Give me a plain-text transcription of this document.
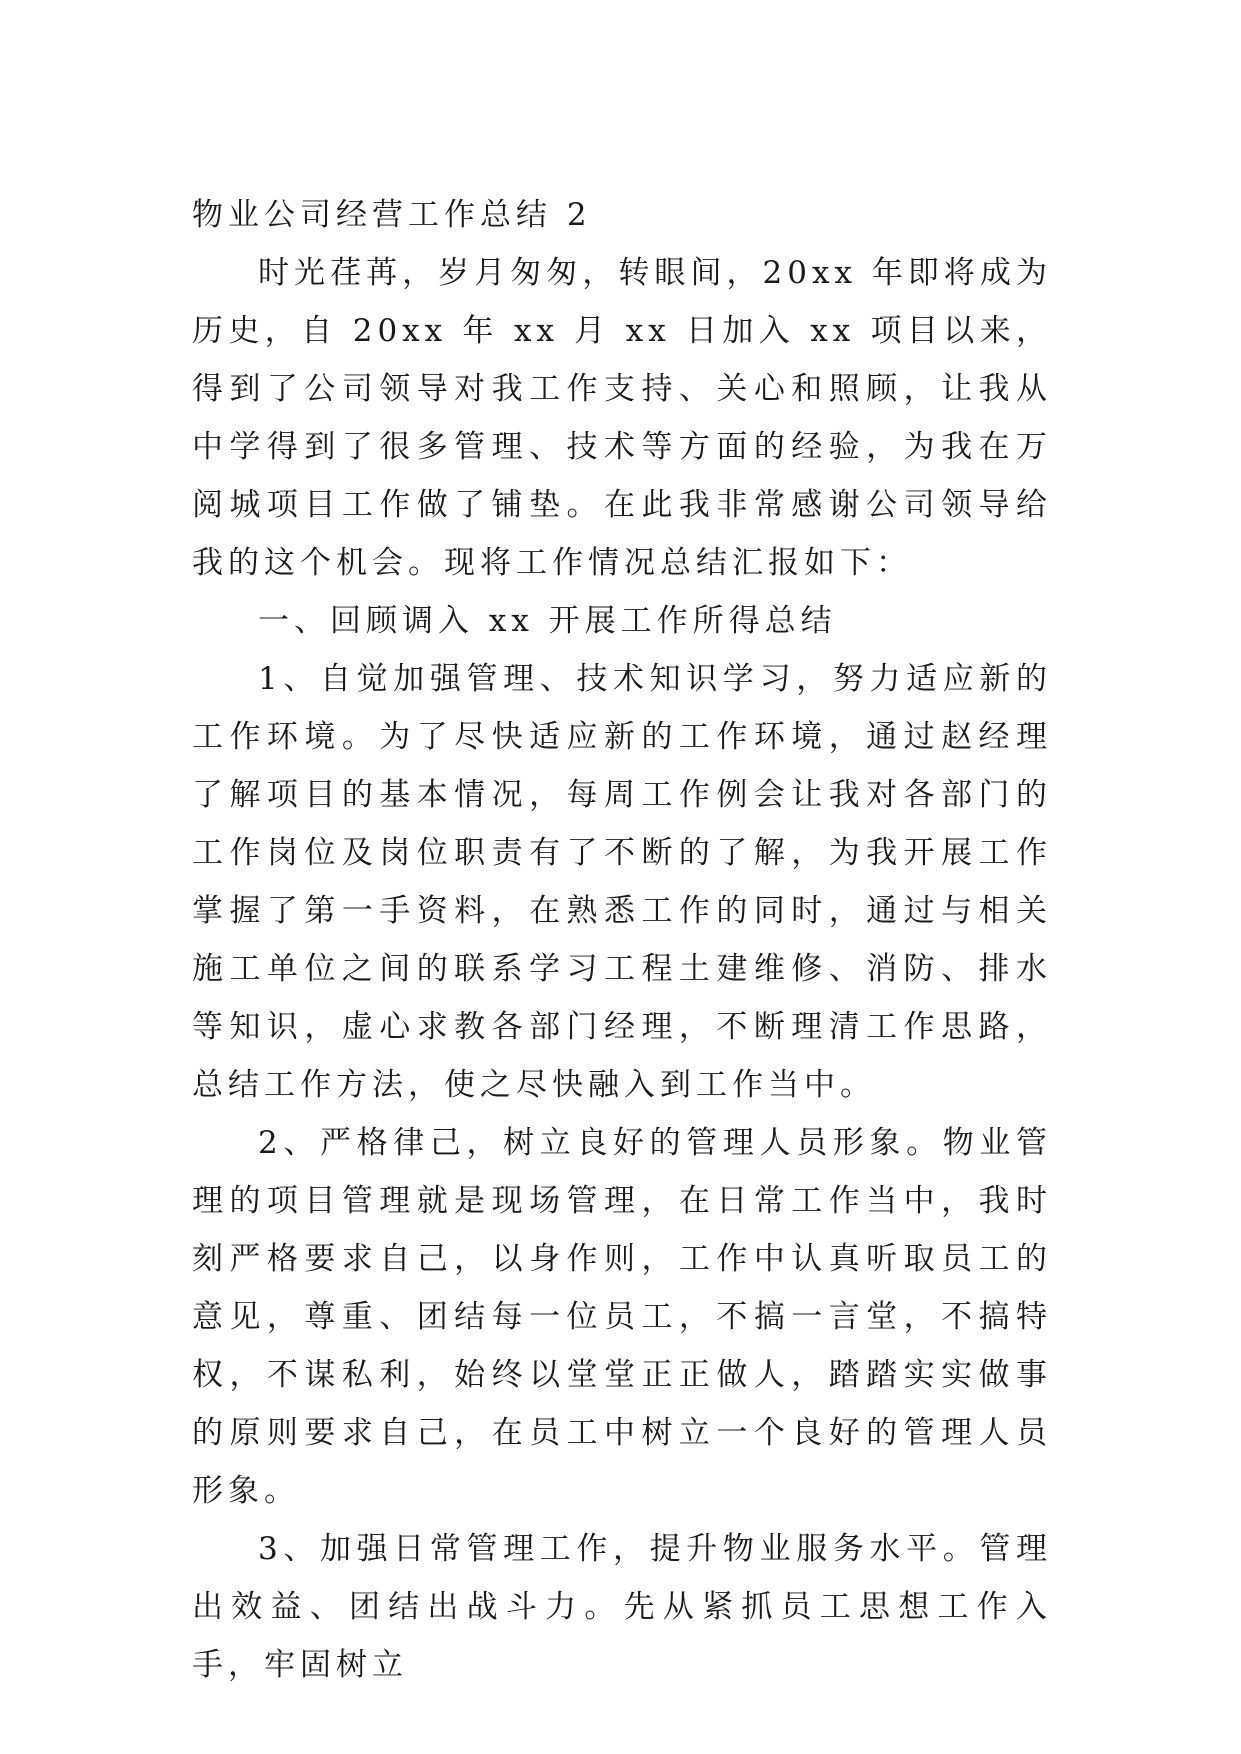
物业公司经营工作总结 2

时光荏苒，岁月匆匆，转眼间，20xx 年即将成为历史，自 20xx 年 xx 月 xx 日加入 xx 项目以来，得到了公司领导对我工作支持、关心和照顾，让我从中学得到了很多管理、技术等方面的经验，为我在万阅城项目工作做了铺垫。在此我非常感谢公司领导给我的这个机会。现将工作情况总结汇报如下：

一、回顾调入 xx 开展工作所得总结

1、自觉加强管理、技术知识学习，努力适应新的工作环境。为了尽快适应新的工作环境，通过赵经理了解项目的基本情况，每周工作例会让我对各部门的工作岗位及岗位职责有了不断的了解，为我开展工作掌握了第一手资料，在熟悉工作的同时，通过与相关施工单位之间的联系学习工程土建维修、消防、排水等知识，虚心求教各部门经理，不断理清工作思路，总结工作方法，使之尽快融入到工作当中。

2、严格律己，树立良好的管理人员形象。物业管理的项目管理就是现场管理，在日常工作当中，我时刻严格要求自己，以身作则，工作中认真听取员工的意见，尊重、团结每一位员工，不搞一言堂，不搞特权，不谋私利，始终以堂堂正正做人，踏踏实实做事的原则要求自己，在员工中树立一个良好的管理人员形象。

3、加强日常管理工作，提升物业服务水平。管理出效益、团结出战斗力。先从紧抓员工思想工作入手，牢固树立
